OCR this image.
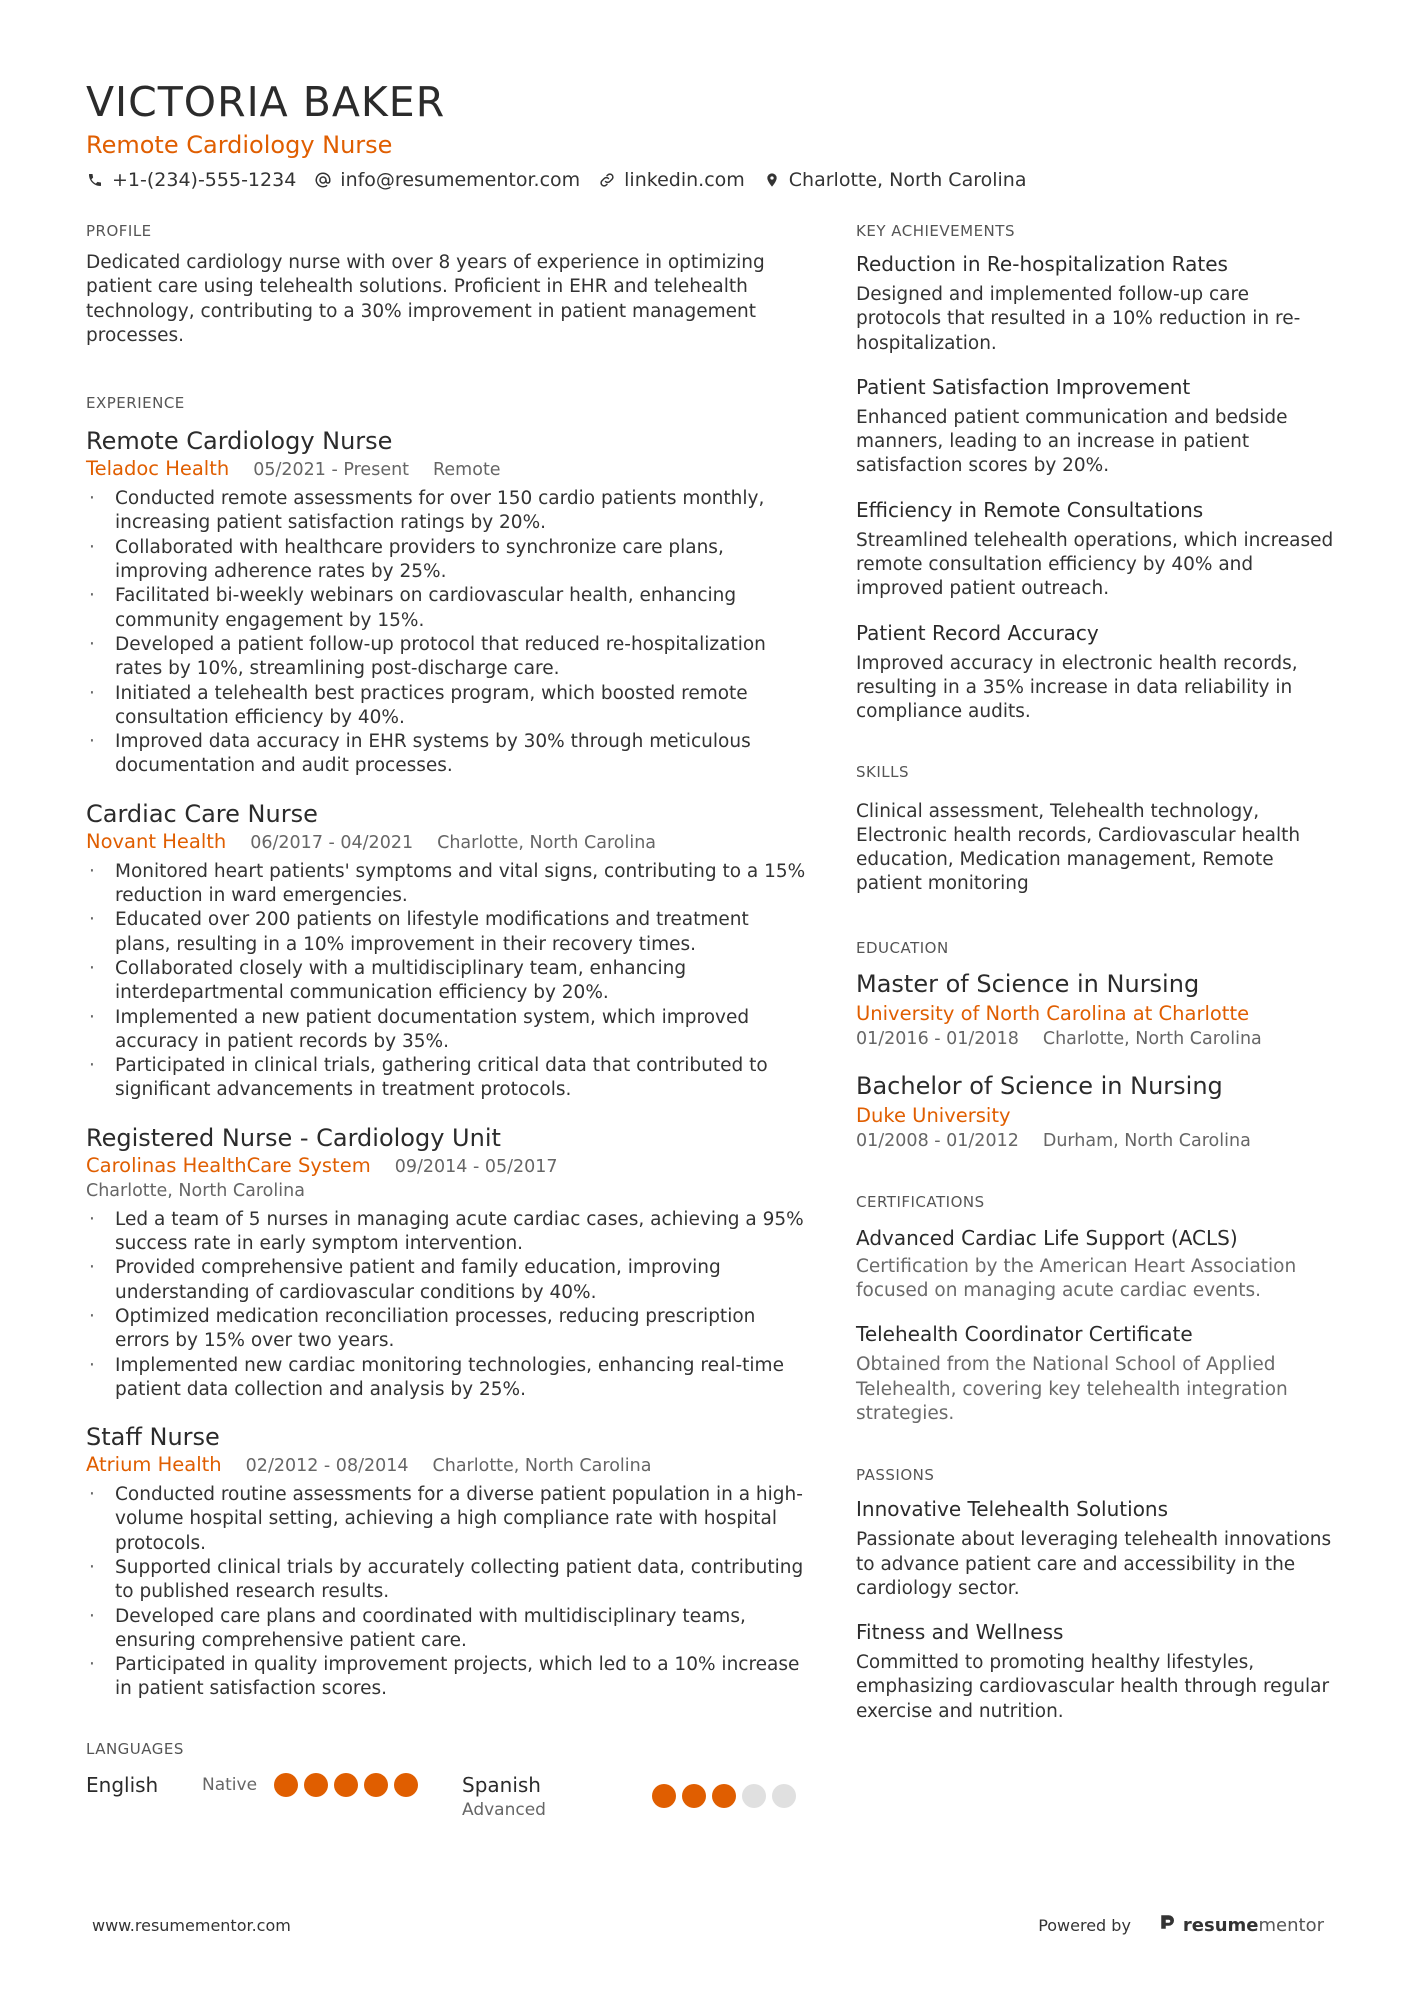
VICTORIA BAKER
Remote Cardiology Nurse
+1-(234)-555-1234 info@resumementor.com linkedin.com Charlotte, North Carolina
PROFILE
Dedicated cardiology nurse with over 8 years of experience in optimizing patient care using telehealth solutions. Proficient in EHR and telehealth technology, contributing to a 30% improvement in patient management processes.
EXPERIENCE
Remote Cardiology Nurse
Teladoc Health 05/2021 - Present Remote
· Conducted remote assessments for over 150 cardio patients monthly, increasing patient satisfaction ratings by 20%.
· Collaborated with healthcare providers to synchronize care plans, improving adherence rates by 25%.
· Facilitated bi-weekly webinars on cardiovascular health, enhancing community engagement by 15%.
· Developed a patient follow-up protocol that reduced re-hospitalization rates by 10%, streamlining post-discharge care.
· Initiated a telehealth best practices program, which boosted remote consultation efficiency by 40%.
· Improved data accuracy in EHR systems by 30% through meticulous documentation and audit processes.
Cardiac Care Nurse
Novant Health 06/2017 - 04/2021 Charlotte, North Carolina
· Monitored heart patients' symptoms and vital signs, contributing to a 15% reduction in ward emergencies.
· Educated over 200 patients on lifestyle modifications and treatment plans, resulting in a 10% improvement in their recovery times.
· Collaborated closely with a multidisciplinary team, enhancing interdepartmental communication efficiency by 20%.
· Implemented a new patient documentation system, which improved accuracy in patient records by 35%.
· Participated in clinical trials, gathering critical data that contributed to significant advancements in treatment protocols.
Registered Nurse - Cardiology Unit
Carolinas HealthCare System 09/2014 - 05/2017
Charlotte, North Carolina
· Led a team of 5 nurses in managing acute cardiac cases, achieving a 95% success rate in early symptom intervention.
· Provided comprehensive patient and family education, improving understanding of cardiovascular conditions by 40%.
· Optimized medication reconciliation processes, reducing prescription errors by 15% over two years.
· Implemented new cardiac monitoring technologies, enhancing real-time patient data collection and analysis by 25%.
Staff Nurse
Atrium Health 02/2012 - 08/2014 Charlotte, North Carolina
· Conducted routine assessments for a diverse patient population in a high-volume hospital setting, achieving a high compliance rate with hospital protocols.
· Supported clinical trials by accurately collecting patient data, contributing to published research results.
· Developed care plans and coordinated with multidisciplinary teams, ensuring comprehensive patient care.
· Participated in quality improvement projects, which led to a 10% increase in patient satisfaction scores.
LANGUAGES
English	Native	Spanish
Advanced
KEY ACHIEVEMENTS
Reduction in Re-hospitalization Rates
Designed and implemented follow-up care protocols that resulted in a 10% reduction in re-hospitalization.
Patient Satisfaction Improvement
Enhanced patient communication and bedside manners, leading to an increase in patient satisfaction scores by 20%.
Efficiency in Remote Consultations
Streamlined telehealth operations, which increased remote consultation efficiency by 40% and improved patient outreach.
Patient Record Accuracy
Improved accuracy in electronic health records, resulting in a 35% increase in data reliability in compliance audits.
SKILLS
Clinical assessment, Telehealth technology, Electronic health records, Cardiovascular health education, Medication management, Remote patient monitoring
EDUCATION
Master of Science in Nursing
University of North Carolina at Charlotte
01/2016 - 01/2018 Charlotte, North Carolina
Bachelor of Science in Nursing
Duke University
01/2008 - 01/2012 Durham, North Carolina
CERTIFICATIONS
Advanced Cardiac Life Support (ACLS)
Certification by the American Heart Association focused on managing acute cardiac events.
Telehealth Coordinator Certificate
Obtained from the National School of Applied Telehealth, covering key telehealth integration strategies.
PASSIONS
Innovative Telehealth Solutions
Passionate about leveraging telehealth innovations to advance patient care and accessibility in the cardiology sector.
Fitness and Wellness
Committed to promoting healthy lifestyles, emphasizing cardiovascular health through regular exercise and nutrition.
www.resumementor.com	Powered by	resumementor
